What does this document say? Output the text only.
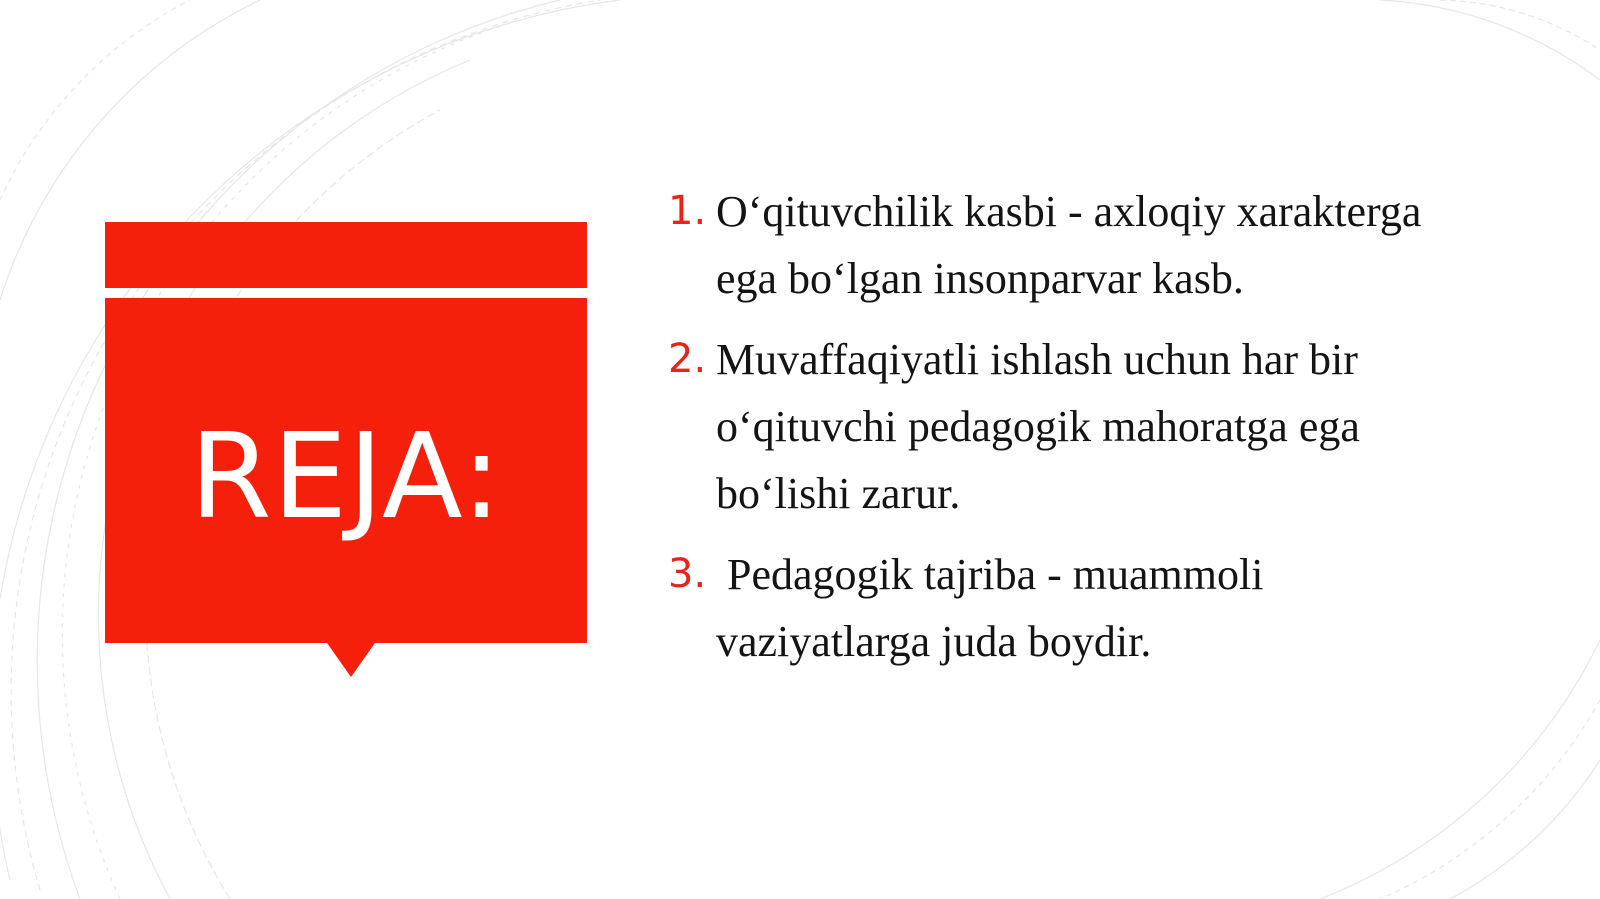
REJA:
1. O‘qituvchilik kasbi - axloqiy xarakterga ega bo‘lgan insonparvar kasb.
2. Muvaffaqiyatli ishlash uchun har bir o‘qituvchi pedagogik mahoratga ega bo‘lishi zarur.
3. Pedagogik tajriba - muammoli vaziyatlarga juda boydir.
